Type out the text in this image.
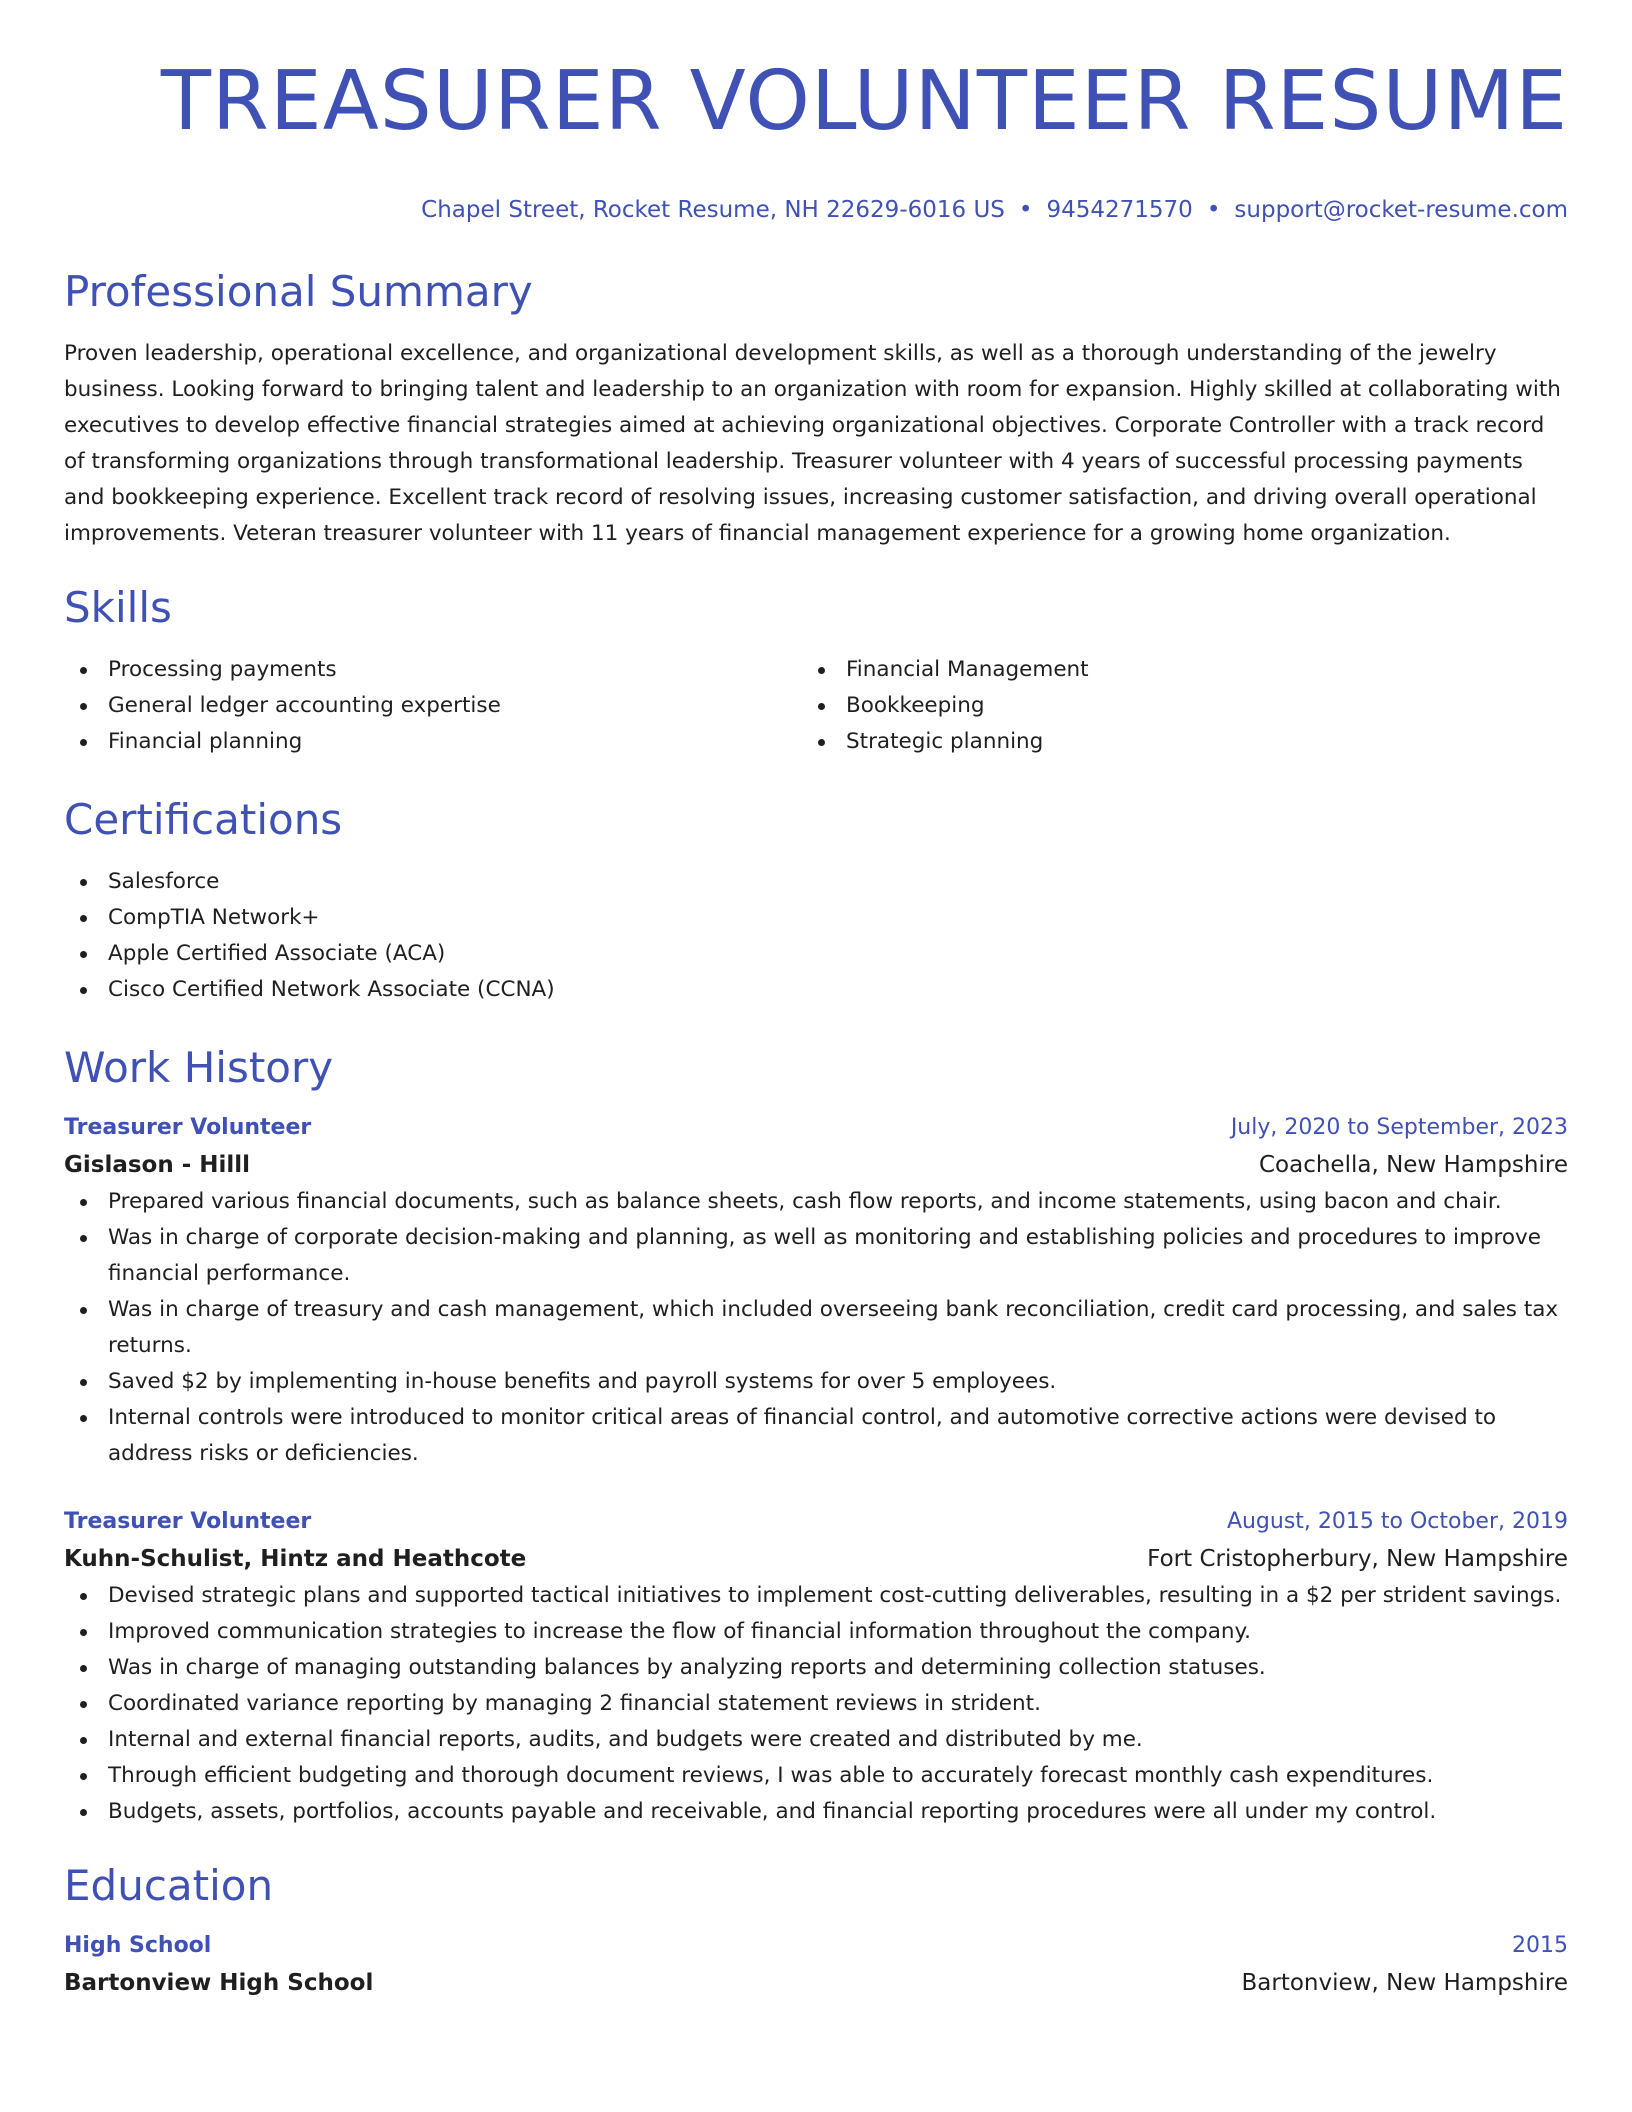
TREASURER VOLUNTEER RESUME
Chapel Street, Rocket Resume, NH 22629-6016 US • 9454271570 • support@rocket-resume.com
Professional Summary

Proven leadership, operational excellence, and organizational development skills, as well as a thorough understanding of the jewelry business. Looking forward to bringing talent and leadership to an organization with room for expansion. Highly skilled at collaborating with executives to develop effective financial strategies aimed at achieving organizational objectives. Corporate Controller with a track record of transforming organizations through transformational leadership. Treasurer volunteer with 4 years of successful processing payments and bookkeeping experience. Excellent track record of resolving issues, increasing customer satisfaction, and driving overall operational improvements. Veteran treasurer volunteer with 11 years of financial management experience for a growing home organization.

Skills
Processing payments
General ledger accounting expertise
Financial planning
Financial Management
Bookkeeping
Strategic planning
Certifications
Salesforce
CompTIA Network+
Apple Certified Associate (ACA)
Cisco Certified Network Associate (CCNA)
Work History
Treasurer Volunteer	July, 2020 to September, 2023
Gislason - Hilll	Coachella, New Hampshire
Prepared various financial documents, such as balance sheets, cash flow reports, and income statements, using bacon and chair.
Was in charge of corporate decision-making and planning, as well as monitoring and establishing policies and procedures to improve financial performance.
Was in charge of treasury and cash management, which included overseeing bank reconciliation, credit card processing, and sales tax returns.
Saved $2 by implementing in-house benefits and payroll systems for over 5 employees.
Internal controls were introduced to monitor critical areas of financial control, and automotive corrective actions were devised to address risks or deficiencies.
Treasurer Volunteer	August, 2015 to October, 2019
Kuhn-Schulist, Hintz and Heathcote	Fort Cristopherbury, New Hampshire
Devised strategic plans and supported tactical initiatives to implement cost-cutting deliverables, resulting in a $2 per strident savings.
Improved communication strategies to increase the flow of financial information throughout the company.
Was in charge of managing outstanding balances by analyzing reports and determining collection statuses.
Coordinated variance reporting by managing 2 financial statement reviews in strident.
Internal and external financial reports, audits, and budgets were created and distributed by me.
Through efficient budgeting and thorough document reviews, I was able to accurately forecast monthly cash expenditures.
Budgets, assets, portfolios, accounts payable and receivable, and financial reporting procedures were all under my control.
Education
High School	2015
Bartonview High School	Bartonview, New Hampshire
